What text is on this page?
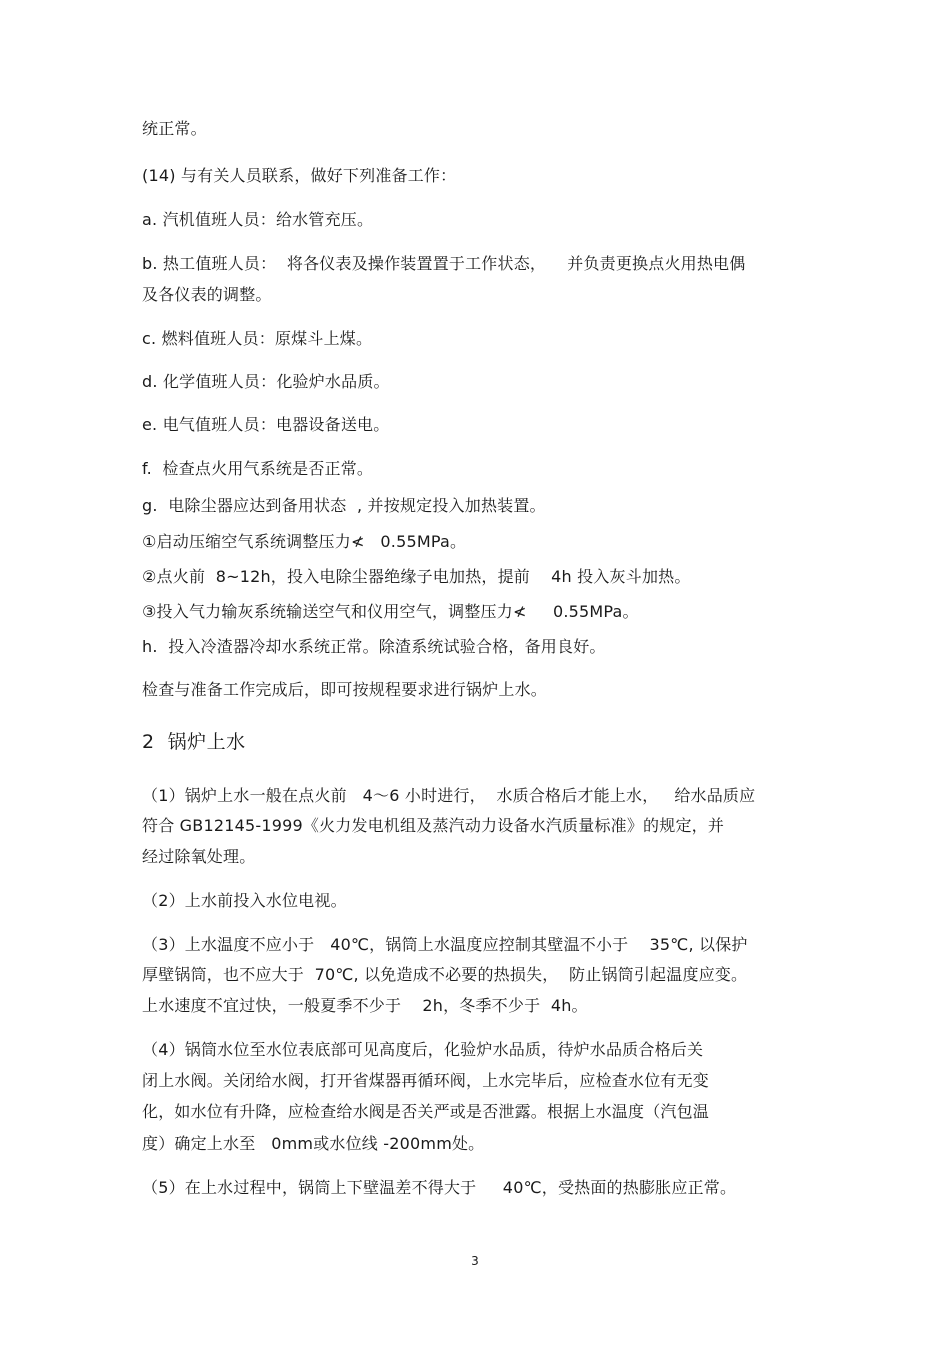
统正常。
(14) 与有关人员联系，做好下列准备工作：
a. 汽机值班人员：给水管充压。
b. 热工值班人员：  将各仪表及操作装置置于工作状态，    并负责更换点火用热电偶
及各仪表的调整。
c. 燃料值班人员：原煤斗上煤。
d. 化学值班人员：化验炉水品质。
e. 电气值班人员：电器设备送电。
f.  检查点火用气系统是否正常。
g.  电除尘器应达到备用状态  , 并按规定投入加热装置。
①启动压缩空气系统调整压力≮   0.55MPa。
②点火前  8~12h，投入电除尘器绝缘子电加热，提前    4h 投入灰斗加热。
③投入气力输灰系统输送空气和仪用空气，调整压力≮     0.55MPa。
h.  投入冷渣器冷却水系统正常。除渣系统试验合格，备用良好。
检查与准备工作完成后，即可按规程要求进行锅炉上水。
2  锅炉上水
（1）锅炉上水一般在点火前   4～6 小时进行，  水质合格后才能上水，   给水品质应
符合 GB12145-1999《火力发电机组及蒸汽动力设备水汽质量标准》的规定，并
经过除氧处理。
（2）上水前投入水位电视。
（3）上水温度不应小于   40℃，锅筒上水温度应控制其壁温不小于    35℃, 以保护
厚壁锅筒，也不应大于  70℃, 以免造成不必要的热损失，  防止锅筒引起温度应变。
上水速度不宜过快，一般夏季不少于    2h，冬季不少于  4h。
（4）锅筒水位至水位表底部可见高度后，化验炉水品质，待炉水品质合格后关
闭上水阀。关闭给水阀，打开省煤器再循环阀，上水完毕后，应检查水位有无变
化，如水位有升降，应检查给水阀是否关严或是否泄露。根据上水温度（汽包温
度）确定上水至   0mm或水位线 -200mm处。
（5）在上水过程中，锅筒上下壁温差不得大于     40℃，受热面的热膨胀应正常。
3
